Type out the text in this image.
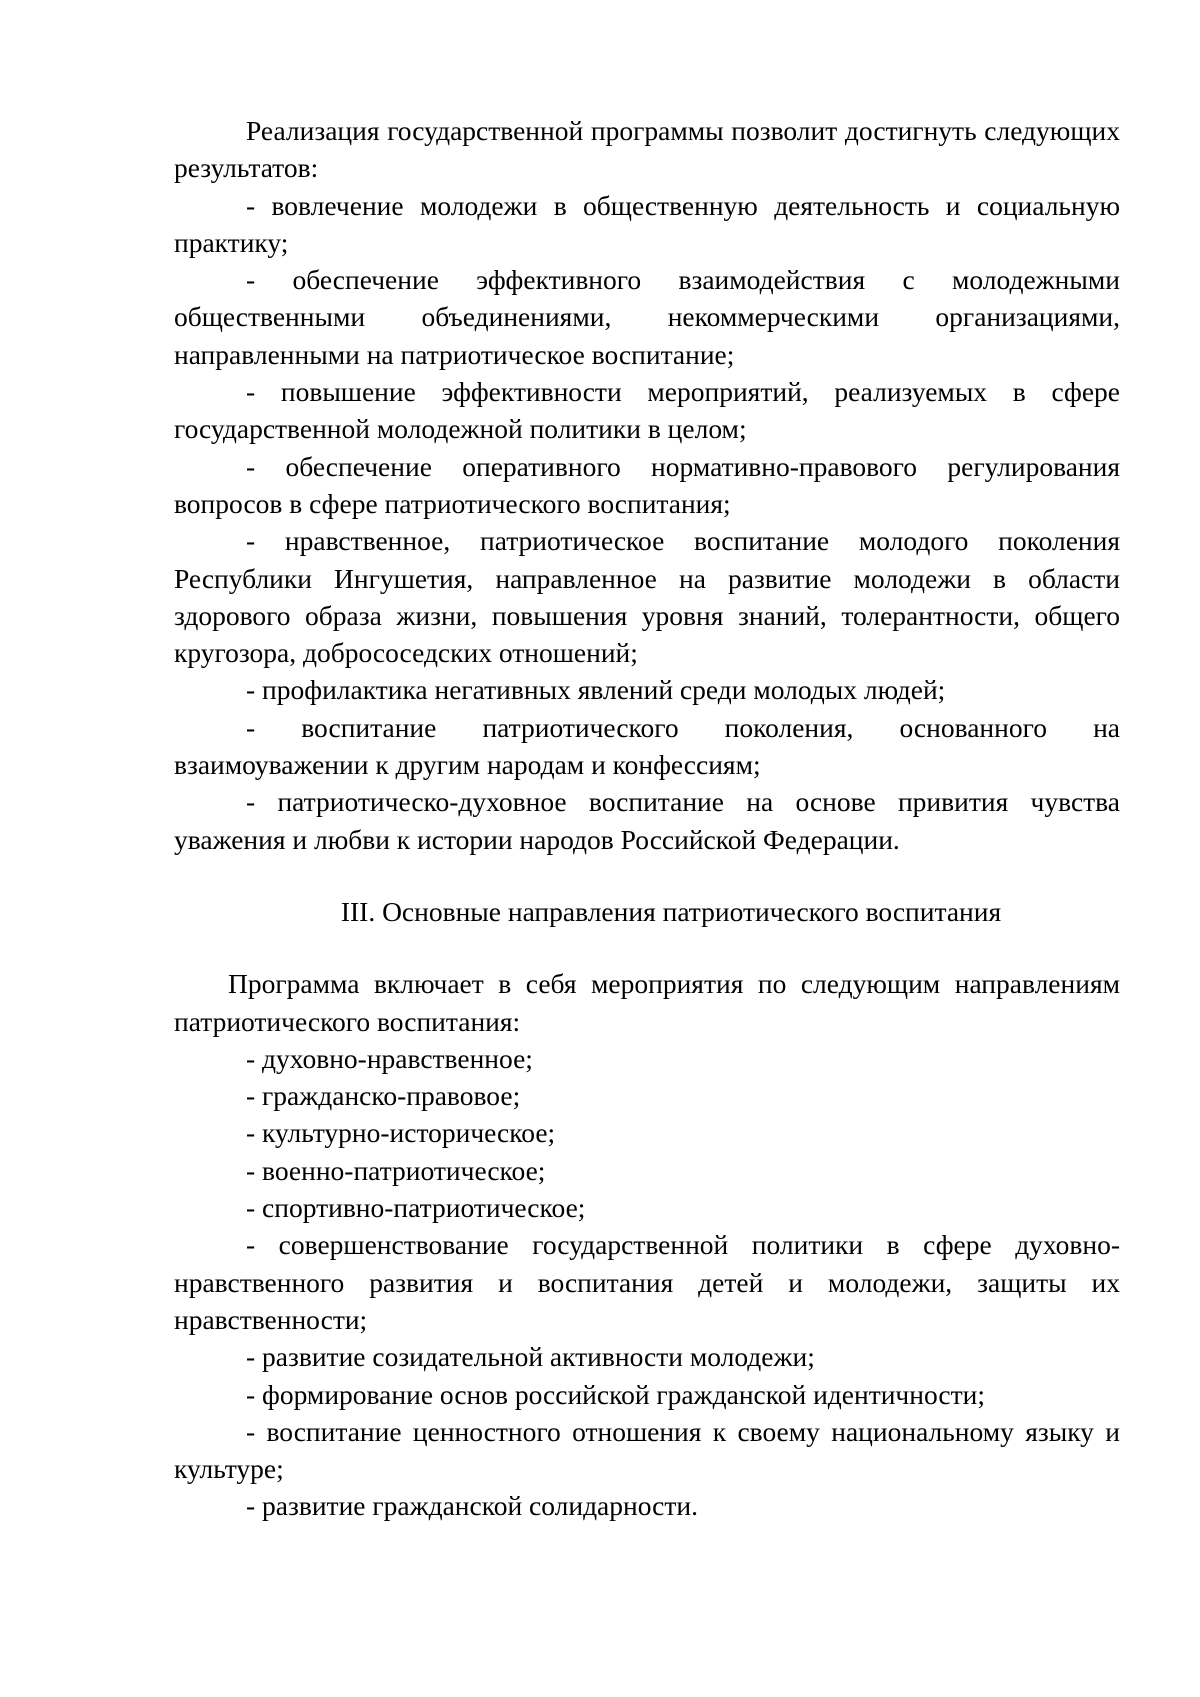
Реализация государственной программы позволит достигнуть следующих результатов:

- вовлечение молодежи в общественную деятельность и социальную практику;

- обеспечение эффективного взаимодействия с молодежными общественными объединениями, некоммерческими организациями, направленными на патриотическое воспитание;

- повышение эффективности мероприятий, реализуемых в сфере государственной молодежной политики в целом;

- обеспечение оперативного нормативно-правового регулирования вопросов в сфере патриотического воспитания;

- нравственное, патриотическое воспитание молодого поколения Республики Ингушетия, направленное на развитие молодежи в области здорового образа жизни, повышения уровня знаний, толерантности, общего кругозора, добрососедских отношений;

- профилактика негативных явлений среди молодых людей;

- воспитание патриотического поколения, основанного на взаимоуважении к другим народам и конфессиям;

- патриотическо-духовное воспитание на основе привития чувства уважения и любви к истории народов Российской Федерации.

III. Основные направления патриотического воспитания

Программа включает в себя мероприятия по следующим направлениям патриотического воспитания:

- духовно-нравственное;

- гражданско-правовое;

- культурно-историческое;

- военно-патриотическое;

- спортивно-патриотическое;

- совершенствование государственной политики в сфере духовно-нравственного развития и воспитания детей и молодежи, защиты их нравственности;

- развитие созидательной активности молодежи;

- формирование основ российской гражданской идентичности;

- воспитание ценностного отношения к своему национальному языку и культуре;

- развитие гражданской солидарности.
